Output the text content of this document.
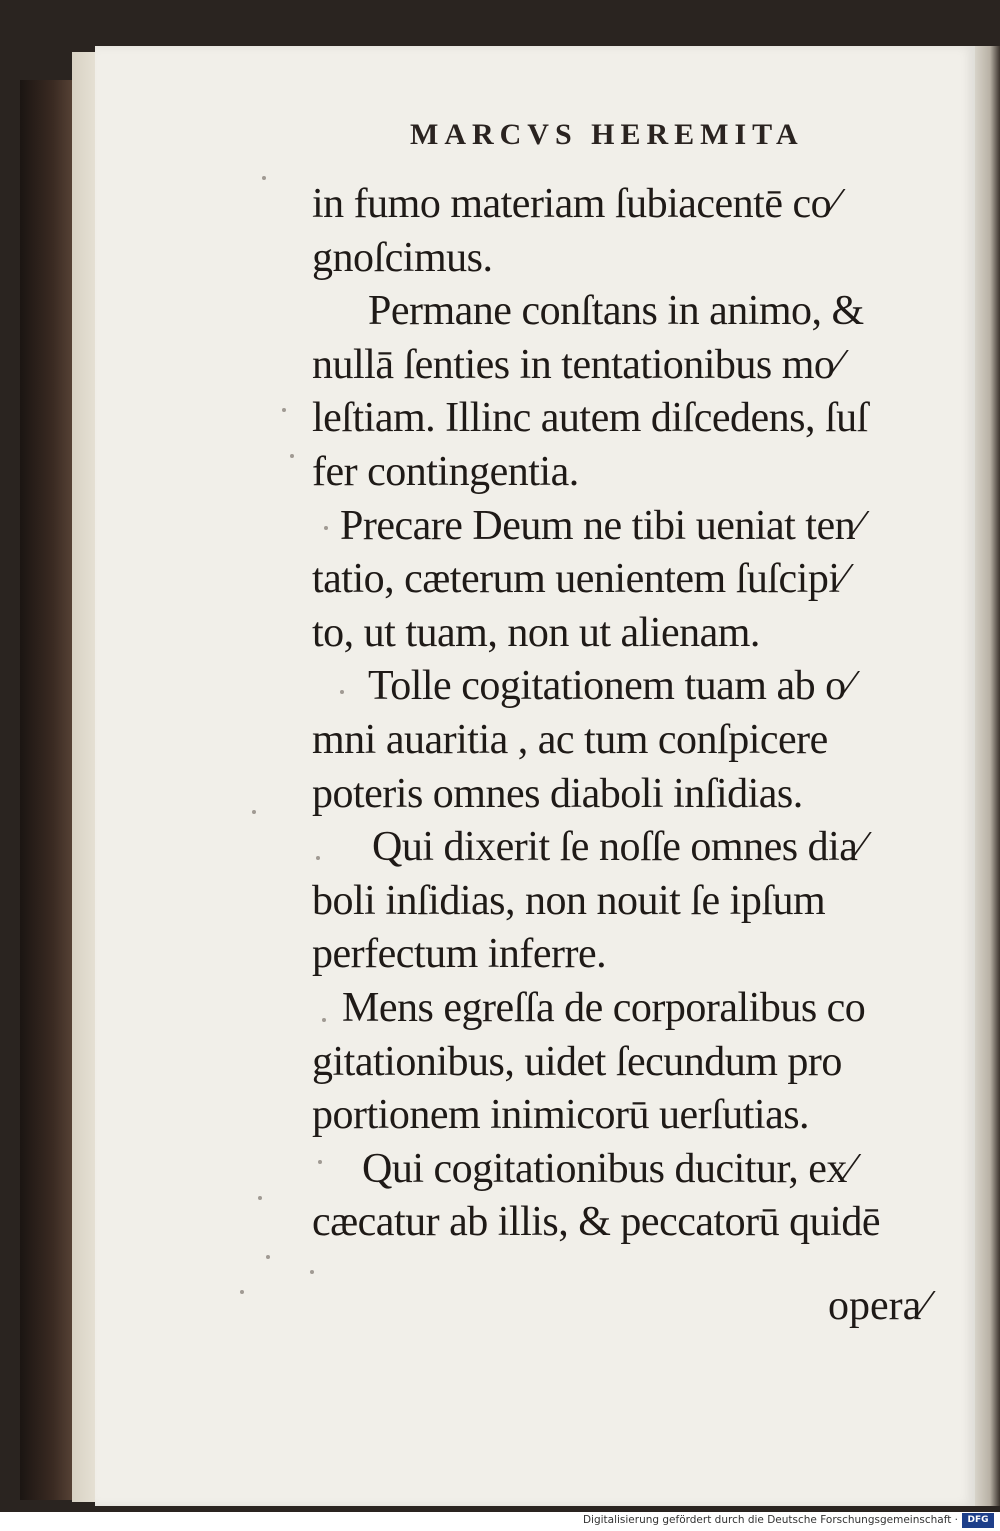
MARCVS HEREMITA
in fumo materiam ſubiacentē co⁄
gnoſcimus.
Permane conſtans in animo, &
nullā ſenties in tentationibus mo⁄
leſtiam. Illinc autem diſcedens, ſuſ
fer contingentia.
Precare Deum ne tibi ueniat ten⁄
tatio, cæterum uenientem ſuſcipi⁄
to, ut tuam, non ut alienam.
Tolle cogitationem tuam ab o⁄
mni auaritia , ac tum conſpicere
poteris omnes diaboli inſidias.
Qui dixerit ſe noſſe omnes dia⁄
boli inſidias, non nouit ſe ipſum
perfectum inferre.
Mens egreſſa de corporalibus co
gitationibus, uidet ſecundum pro
portionem inimicorū uerſutias.
Qui cogitationibus ducitur, ex⁄
cæcatur ab illis, & peccatorū quidē
opera⁄
Digitalisierung gefördert durch die Deutsche Forschungsgemeinschaft ·	DFG
